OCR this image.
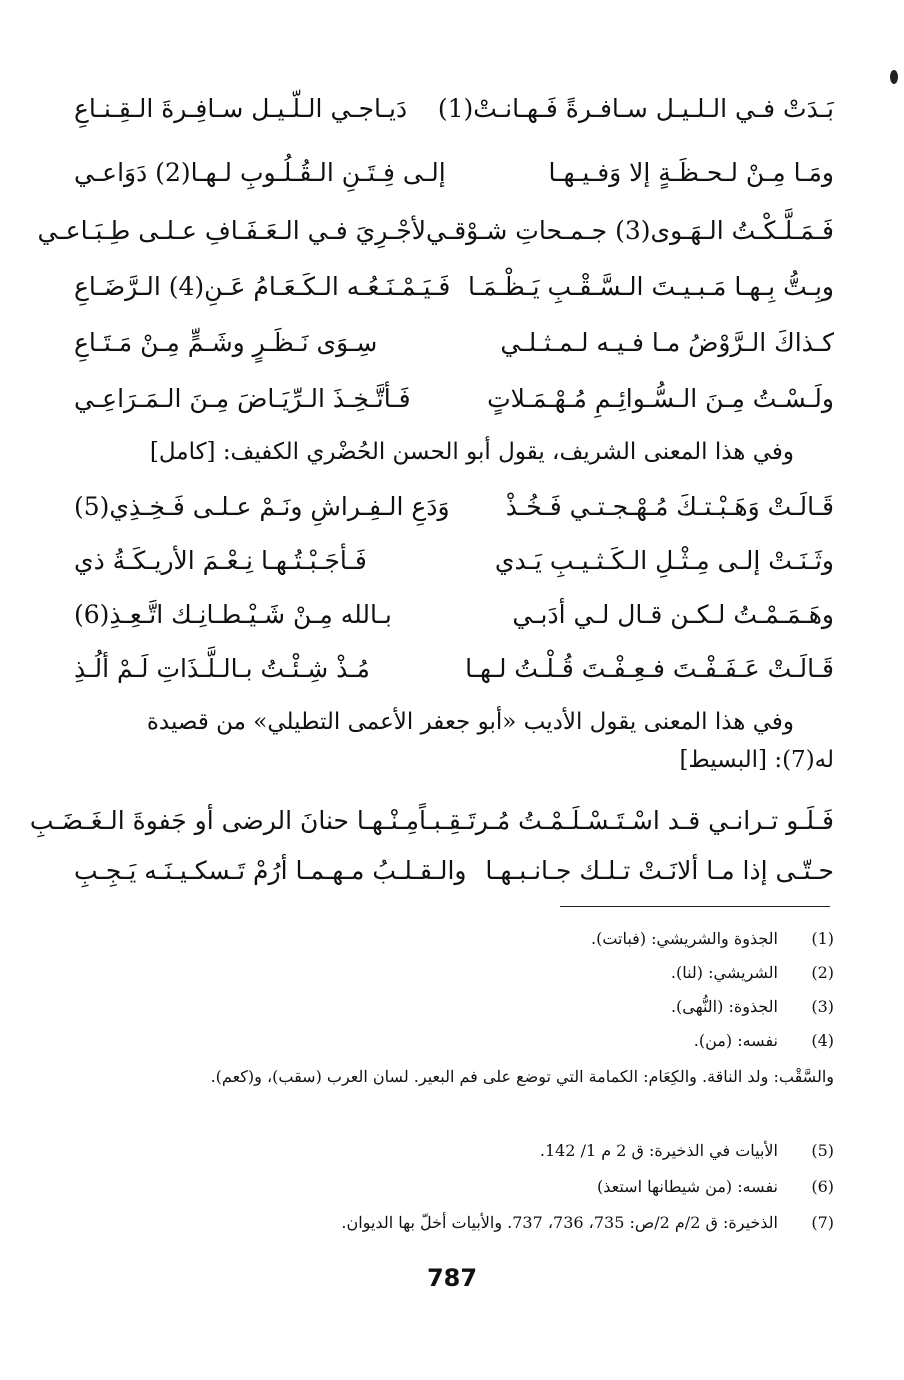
بَـدَتْ فـي الـلـيـل سـافـرةً فَـهـانـتْ(1)
دَيـاجـي الـلّـيـل سـافِـرةَ الـقِـنـاعِ
ومَـا مِـنْ لـحـظَـةٍ إلا وَفـيـهـا
إلـى فِـتَـنِ الـقُـلُـوبِ لـهـا(2) دَوَاعـي
فَـمَـلَّـكْـتُ الـهَـوى(3) جـمـحاتِ شـوْقـي
لأجْـرِيَ فـي الـعَـفَـافِ عـلـى طِـبَـاعـي
وبِـتُّ بِـهـا مَـبـيـتَ الـسَّـقْـبِ يَـظْـمَـا
فَـيَـمْـنَـعُـه الـكَـعَـامُ عَـنِ(4) الـرَّضَـاعِ
كـذاكَ الـرَّوْضُ مـا فـيـه لـمـثـلـي
سِـوَى نَـظَـرٍ وشَـمٍّ مِـنْ مَـتَـاعِ
ولَـسْـتُ مِـنَ الـسُّـوائِـمِ مُـهْـمَـلاتٍ
فَـأتَّـخِـذَ الـرِّيَـاضَ مِـنَ الـمَـرَاعِـي
وفي هذا المعنى الشريف، يقول أبو الحسن الحُضْري الكفيف: [كامل]
قَـالَـتْ وَهَـبْـتـكَ مُـهْـجـتـي فَـخُـذْ
وَدَعِ الـفِـراشِ ونَـمْ عـلـى فَـخِـذِي(5)
وثَـنَـتْ إلـى مِـثْـلِ الـكَـثـيـبِ يَـدي
فَـأجَـبْـتُـهـا نِـعْـمَ الأريـكَـةُ ذي
وهَـمَـمْـتُ لـكـن قـال لـي أدَبـي
بـالله مِـنْ شَـيْـطـانِـك اتَّـعِـذِ(6)
قَـالَـتْ عَـفَـفْـتَ فـعِـفْـتَ قُـلْـتُ لـهـا
مُـذْ شِـئْـتُ بـالـلَّـذَاتِ لَـمْ ألُـذِ
وفي هذا المعنى يقول الأديب «أبو جعفر الأعمى التطيلي» من قصيدة
له(7): [البسيط]
فَـلَـو تـرانـي قـد اسْـتَـسْـلَـمْـتُ مُـرتَـقِـبـاً
مِـنْـهـا حنانَ الرضى أو جَفوةَ الـغَـضَـبِ
حـتّـى إذا مـا ألانَـتْ تـلـك جـانـبـهـا
والـقـلـبُ مـهـمـا أرُمْ تَـسكـيـنَـه يَـجِـبِ
(1)
الجذوة والشريشي: (فباتت).
(2)
الشريشي: (لنا).
(3)
الجذوة: (النُّهى).
(4)
نفسه: (من).
والسَّقْب: ولد الناقة. والكِعَام: الكمامة التي توضع على فم البعير. لسان العرب (سقب)، و(كعم).
(5)
الأبيات في الذخيرة: ق 2 م 1/ 142.
(6)
نفسه: (من شيطانها استعذ)
(7)
الذخيرة: ق 2/م 2/ص: 735، 736، 737. والأبيات أخلّ بها الديوان.
787
